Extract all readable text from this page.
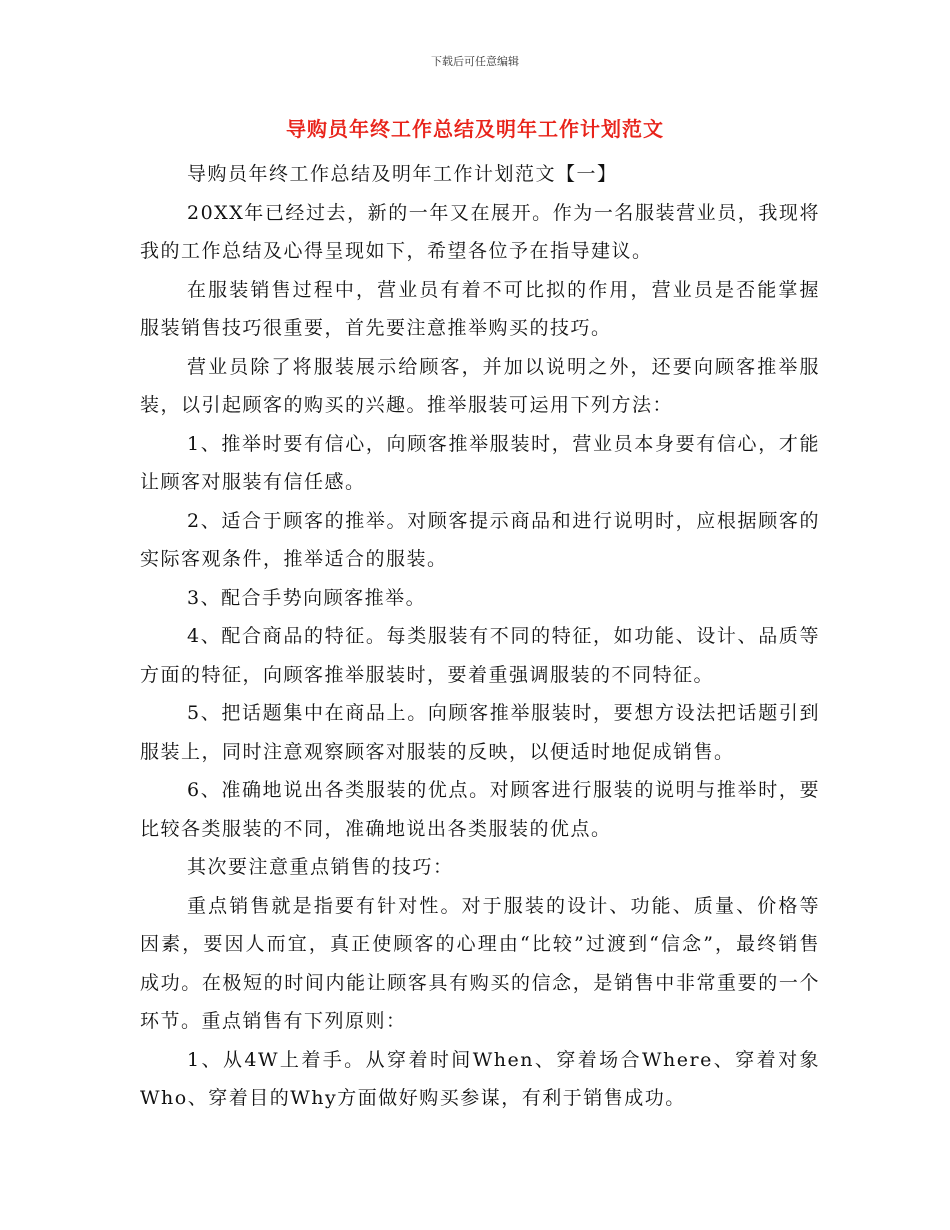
下载后可任意编辑
导购员年终工作总结及明年工作计划范文

导购员年终工作总结及明年工作计划范文【一】

20XX年已经过去，新的一年又在展开。作为一名服装营业员，我现将我的工作总结及心得呈现如下，希望各位予在指导建议。

在服装销售过程中，营业员有着不可比拟的作用，营业员是否能掌握服装销售技巧很重要，首先要注意推举购买的技巧。

营业员除了将服装展示给顾客，并加以说明之外，还要向顾客推举服装，以引起顾客的购买的兴趣。推举服装可运用下列方法：

1、推举时要有信心，向顾客推举服装时，营业员本身要有信心，才能让顾客对服装有信任感。

2、适合于顾客的推举。对顾客提示商品和进行说明时，应根据顾客的实际客观条件，推举适合的服装。

3、配合手势向顾客推举。

4、配合商品的特征。每类服装有不同的特征，如功能、设计、品质等方面的特征，向顾客推举服装时，要着重强调服装的不同特征。

5、把话题集中在商品上。向顾客推举服装时，要想方设法把话题引到服装上，同时注意观察顾客对服装的反映，以便适时地促成销售。

6、准确地说出各类服装的优点。对顾客进行服装的说明与推举时，要比较各类服装的不同，准确地说出各类服装的优点。

其次要注意重点销售的技巧：

重点销售就是指要有针对性。对于服装的设计、功能、质量、价格等因素，要因人而宜，真正使顾客的心理由“比较”过渡到“信念”，最终销售成功。在极短的时间内能让顾客具有购买的信念，是销售中非常重要的一个环节。重点销售有下列原则：

1、从4W上着手。从穿着时间When、穿着场合Where、穿着对象Who、穿着目的Why方面做好购买参谋，有利于销售成功。
